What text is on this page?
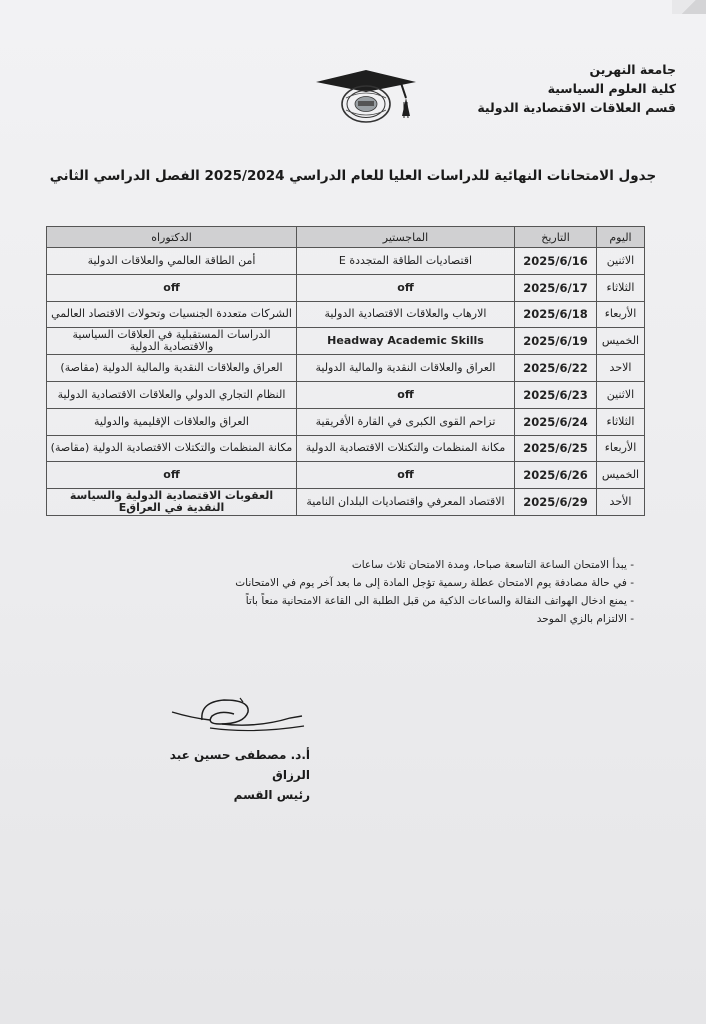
جامعة النهرين
كلية العلوم السياسية
قسم العلاقات الاقتصادية الدولية
جدول الامتحانات النهائية للدراسات العليا للعام الدراسي 2025/2024 الفصل الدراسي الثاني
اليوم	التاريخ	الماجستير	الدكتوراه
الاثنين	2025/6/16	اقتصاديات الطاقة المتجددة E	أمن الطاقة العالمي والعلاقات الدولية
الثلاثاء	2025/6/17	off	off
الأربعاء	2025/6/18	الارهاب والعلاقات الاقتصادية الدولية	الشركات متعددة الجنسيات وتحولات الاقتصاد العالمي
الخميس	2025/6/19	Headway Academic Skills	الدراسات المستقبلية في العلاقات السياسية والاقتصادية الدولية
الاحد	2025/6/22	العراق والعلاقات النقدية والمالية الدولية	العراق والعلاقات النقدية والمالية الدولية (مقاصة)
الاثنين	2025/6/23	off	النظام التجاري الدولي والعلاقات الاقتصادية الدولية
الثلاثاء	2025/6/24	تزاحم القوى الكبرى في القارة الأفريقية	العراق والعلاقات الإقليمية والدولية
الأربعاء	2025/6/25	مكانة المنظمات والتكتلات الاقتصادية الدولية	مكانة المنظمات والتكتلات الاقتصادية الدولية (مقاصة)
الخميس	2025/6/26	off	off
الأحد	2025/6/29	الاقتصاد المعرفي واقتصاديات البلدان النامية	العقوبات الاقتصادية الدولية والسياسة النقدية في العراقE
- يبدأ الامتحان الساعة التاسعة صباحا، ومدة الامتحان ثلاث ساعات
- في حالة مصادفة يوم الامتحان عطلة رسمية تؤجل المادة إلى ما بعد آخر يوم في الامتحانات
- يمنع ادخال الهواتف النقالة والساعات الذكية من قبل الطلبة الى القاعة الامتحانية منعاً باتاً
- الالتزام بالزي الموحد
أ.د. مصطفى حسين عبد الرزاق
رئيس القسم
